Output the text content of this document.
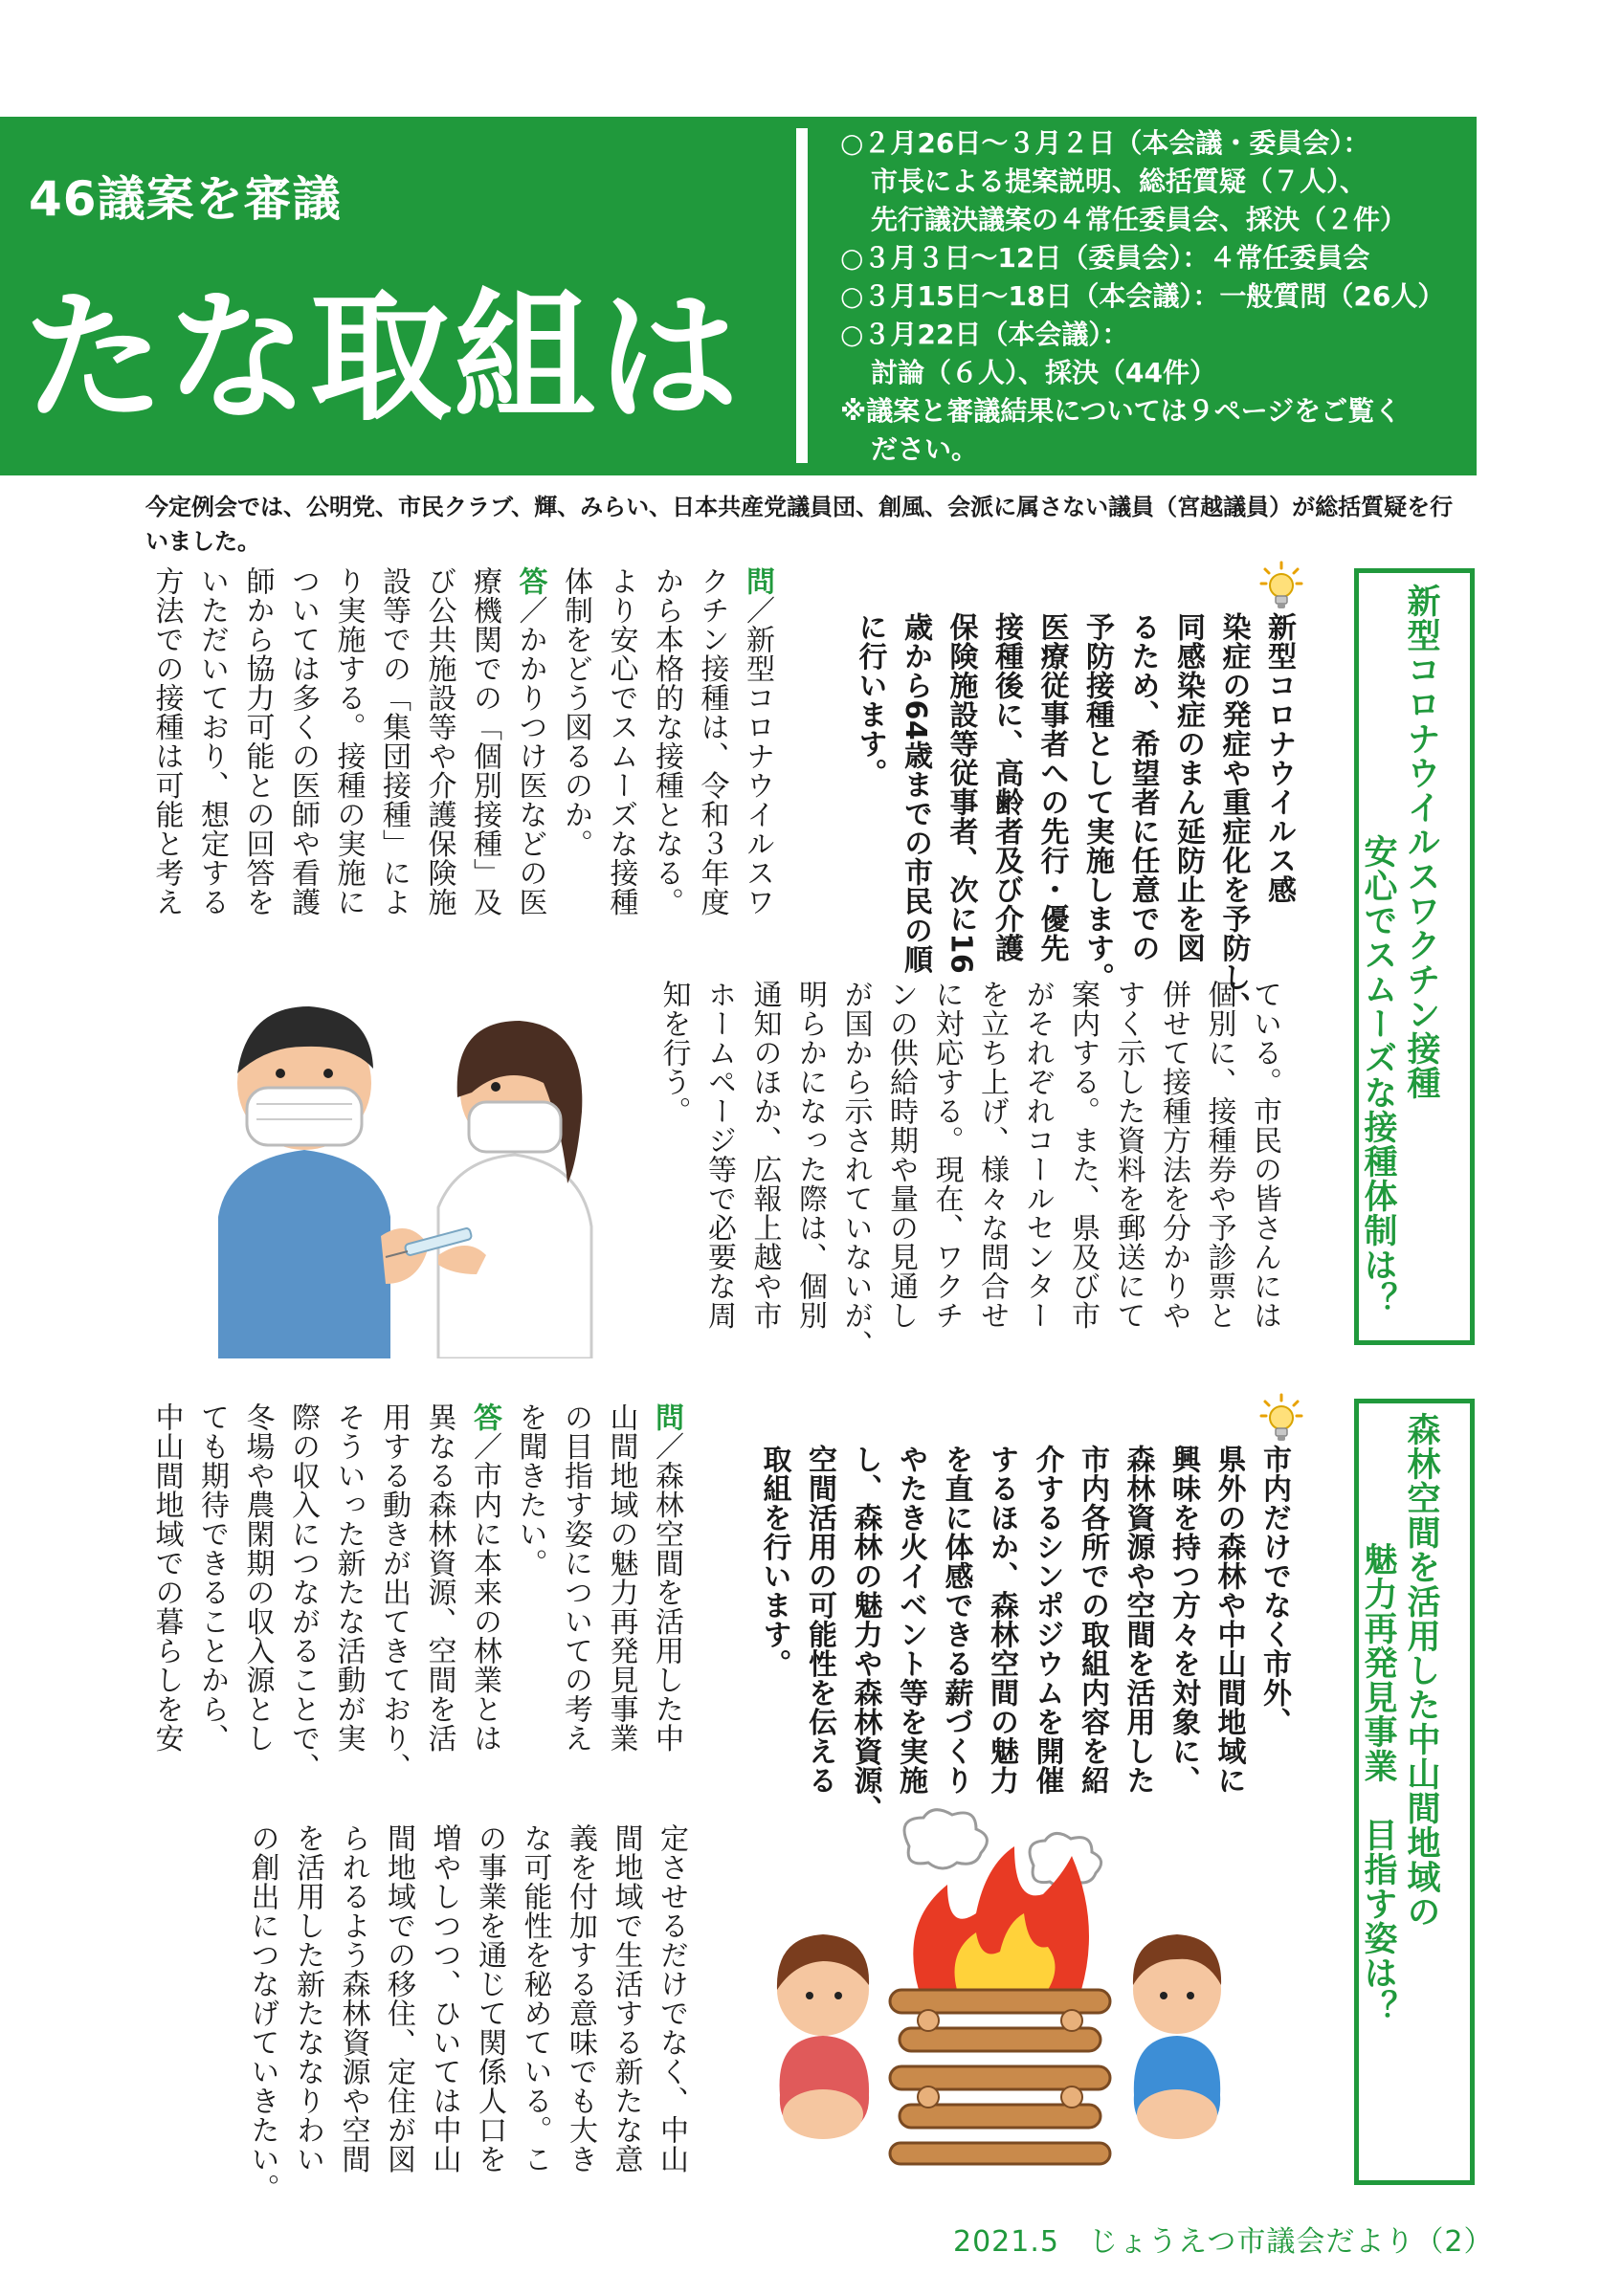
46議案を審議
たな取組は
○２月26日～３月２日（本会議・委員会）：
市長による提案説明、総括質疑（７人）、
先行議決議案の４常任委員会、採決（２件）
○３月３日～12日（委員会）：４常任委員会
○３月15日～18日（本会議）：一般質問（26人）
○３月22日（本会議）：
討論（６人）、採決（44件）
※議案と審議結果については９ページをご覧く
ださい。
今定例会では、公明党、市民クラブ、輝、みらい、日本共産党議員団、創風、会派に属さない議員（宮越議員）が総括質疑を行いました。
新型コロナウイルスワクチン接種
安心でスムーズな接種体制は？
新型コロナウイルス感
染症の発症や重症化を予防し、
同感染症のまん延防止を図
るため、希望者に任意での
予防接種として実施します。
医療従事者への先行・優先
接種後に、高齢者及び介護
保険施設等従事者、次に16
歳から64歳までの市民の順
に行います。
問／新型コロナウイルスワ
クチン接種は、令和３年度
から本格的な接種となる。
より安心でスムーズな接種
体制をどう図るのか。
答／かかりつけ医などの医
療機関での「個別接種」及
び公共施設等や介護保険施
設等での「集団接種」によ
り実施する。接種の実施に
ついては多くの医師や看護
師から協力可能との回答を
いただいており、想定する
方法での接種は可能と考え
ている。市民の皆さんには
個別に、接種券や予診票と
併せて接種方法を分かりや
すく示した資料を郵送にて
案内する。また、県及び市
がそれぞれコールセンター
を立ち上げ、様々な問合せ
に対応する。現在、ワクチ
ンの供給時期や量の見通し
が国から示されていないが、
明らかになった際は、個別
通知のほか、広報上越や市
ホームページ等で必要な周
知を行う。
森林空間を活用した中山間地域の
魅力再発見事業　目指す姿は？
市内だけでなく市外、
県外の森林や中山間地域に
興味を持つ方々を対象に、
森林資源や空間を活用した
市内各所での取組内容を紹
介するシンポジウムを開催
するほか、森林空間の魅力
を直に体感できる薪づくり
やたき火イベント等を実施
し、森林の魅力や森林資源、
空間活用の可能性を伝える
取組を行います。
問／森林空間を活用した中
山間地域の魅力再発見事業
の目指す姿についての考え
を聞きたい。
答／市内に本来の林業とは
異なる森林資源、空間を活
用する動きが出てきており、
そういった新たな活動が実
際の収入につながることで、
冬場や農閑期の収入源とし
ても期待できることから、
中山間地域での暮らしを安
定させるだけでなく、中山
間地域で生活する新たな意
義を付加する意味でも大き
な可能性を秘めている。こ
の事業を通じて関係人口を
増やしつつ、ひいては中山
間地域での移住、定住が図
られるよう森林資源や空間
を活用した新たななりわい
の創出につなげていきたい。
2021.5　じょうえつ市議会だより（2）
